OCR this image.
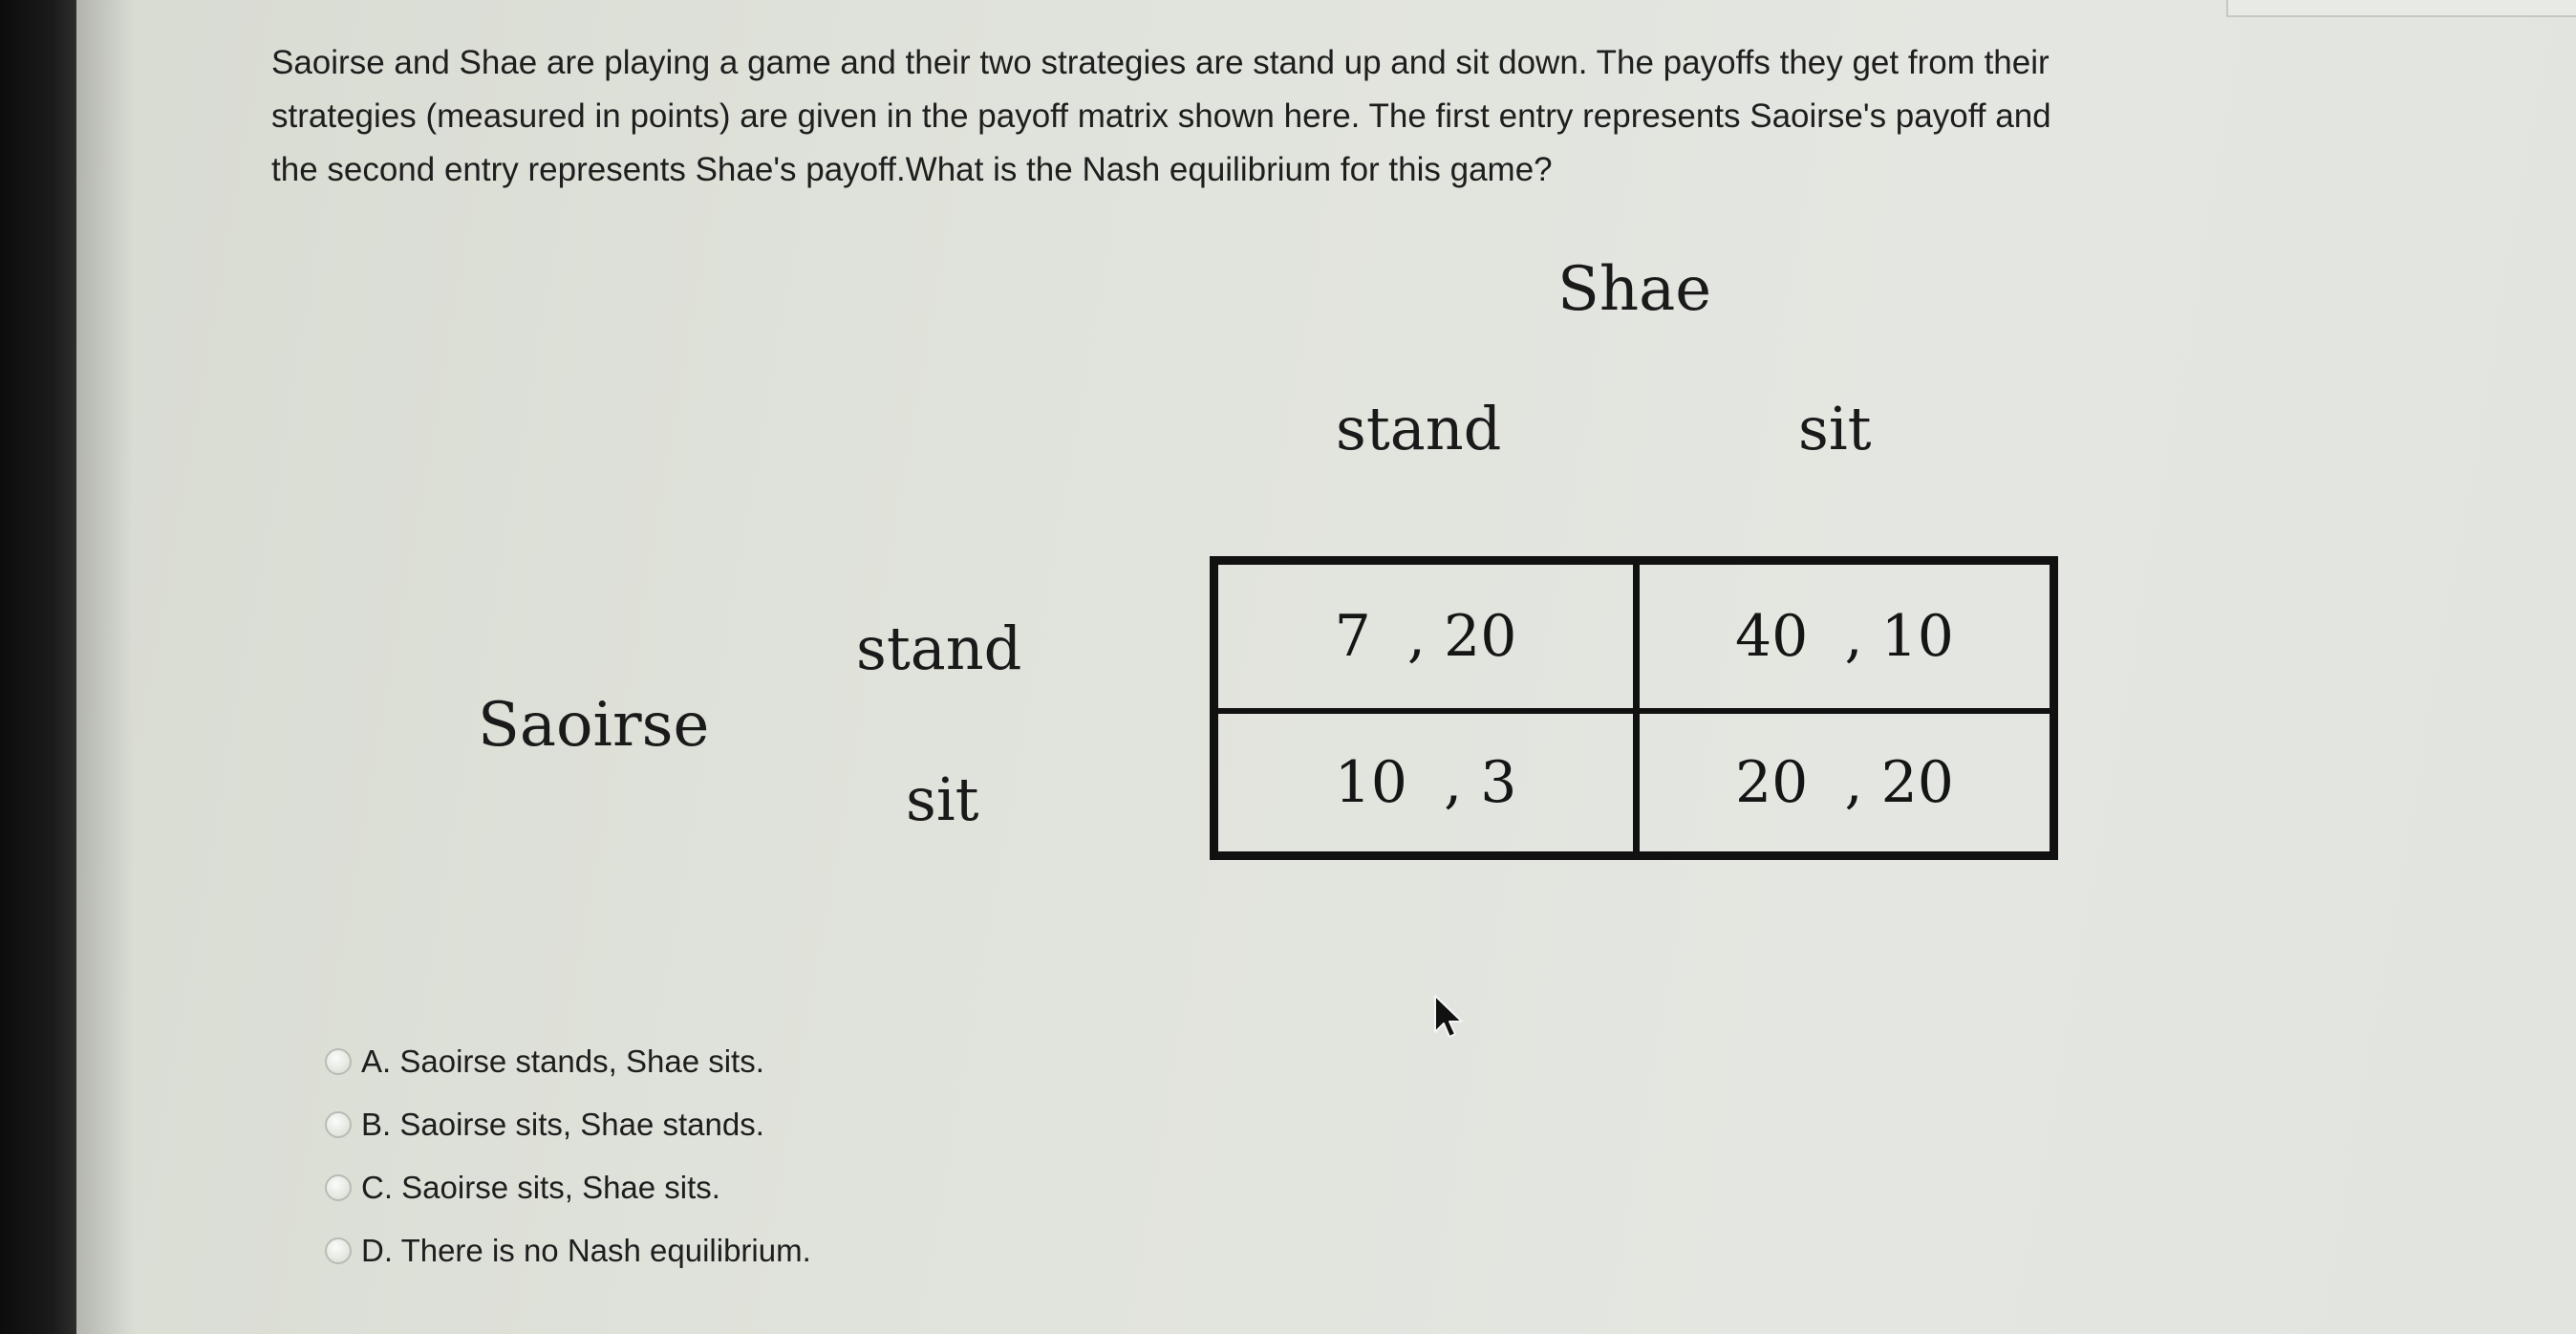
Saoirse and Shae are playing a game and their two strategies are stand up and sit down. The payoffs they get from their strategies (measured in points) are given in the payoff matrix shown here. The first entry represents Saoirse's payoff and the second entry represents Shae's payoff.What is the Nash equilibrium for this game?

Shae
stand	sit
Saoirse
stand
sit
7  , 20	40  , 10
10  , 3	20  , 20
A. Saoirse stands, Shae sits.
B. Saoirse sits, Shae stands.
C. Saoirse sits, Shae sits.
D. There is no Nash equilibrium.
